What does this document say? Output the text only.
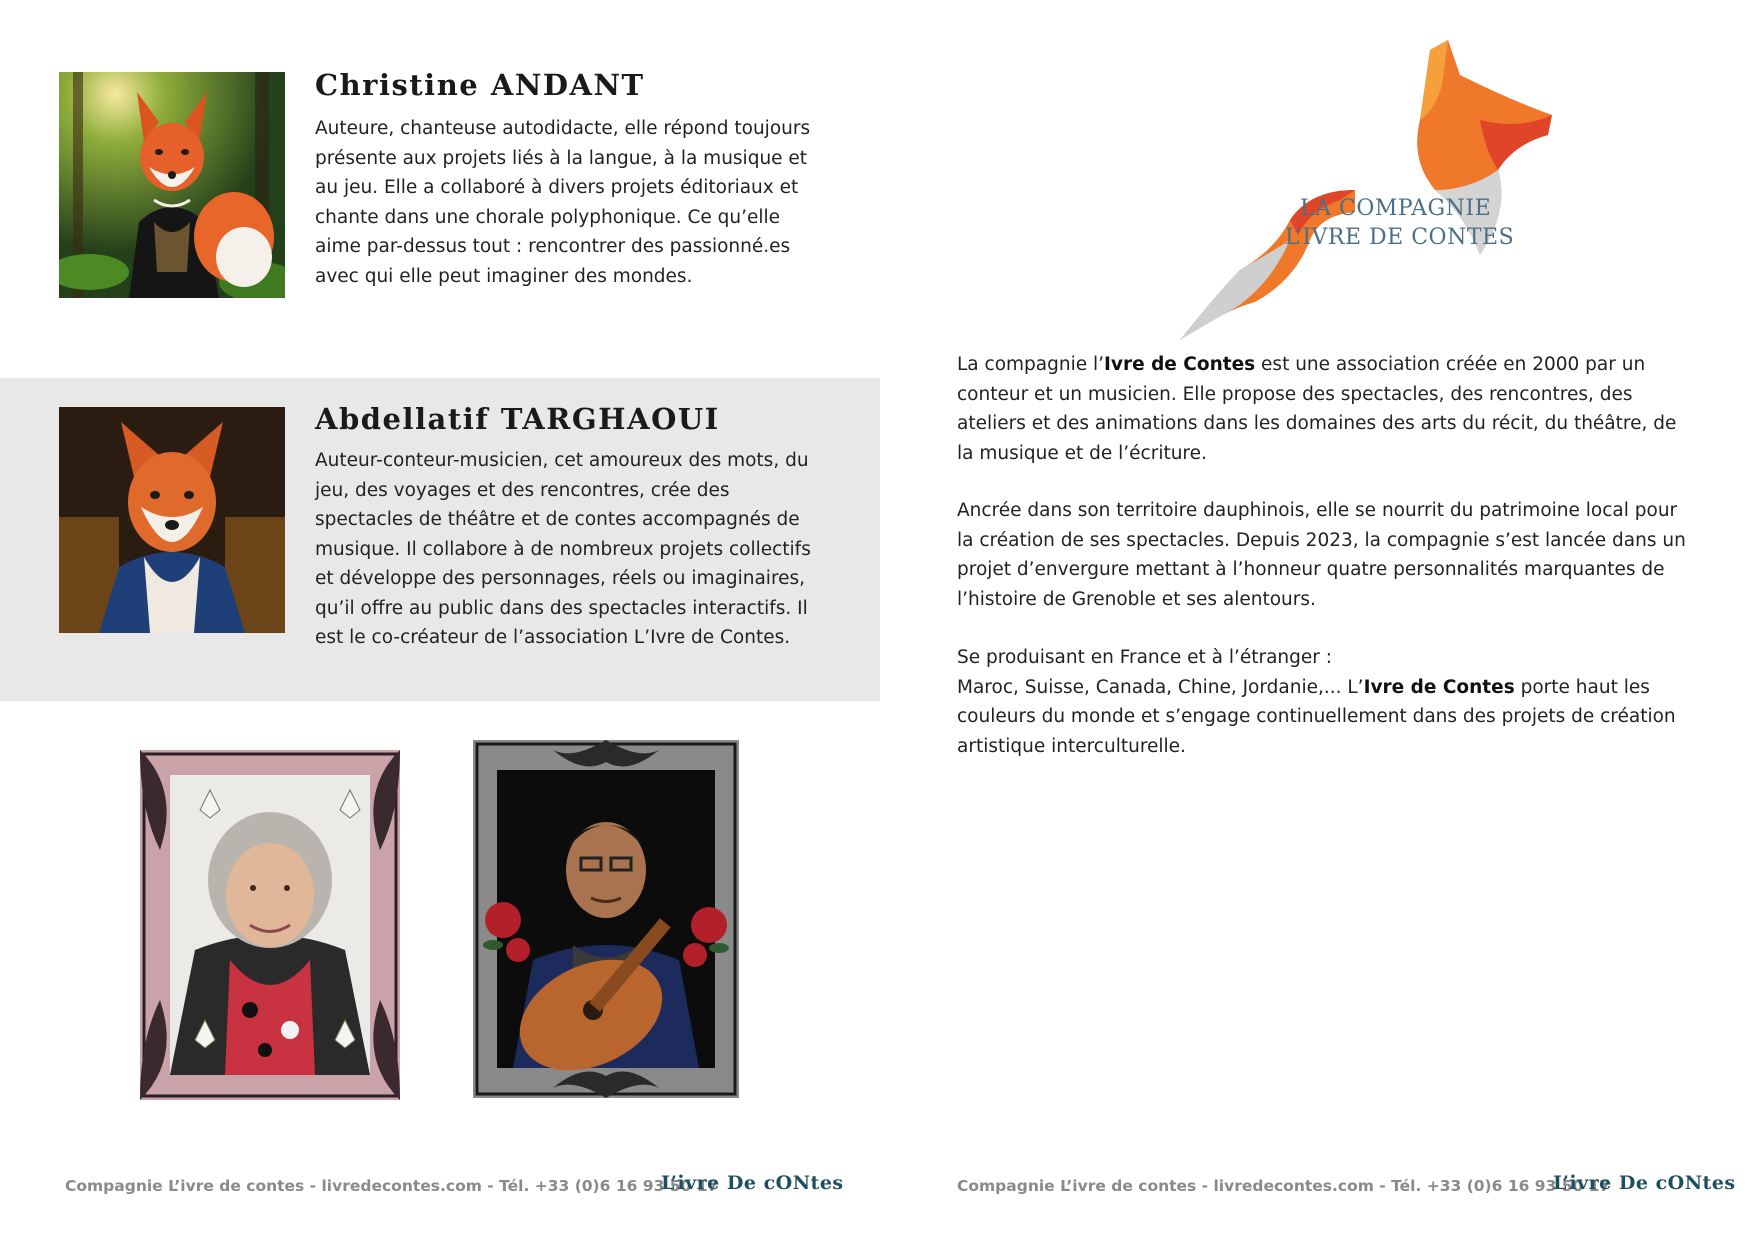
Christine ANDANT
Auteure, chanteuse autodidacte, elle répond toujours présente aux projets liés à la langue, à la musique et au jeu. Elle a collaboré à divers projets éditoriaux et chante dans une chorale polyphonique. Ce qu’elle aime par-dessus tout : rencontrer des passionné.es avec qui elle peut imaginer des mondes.
Abdellatif TARGHAOUI
Auteur-conteur-musicien, cet amoureux des mots, du jeu, des voyages et des rencontres, crée des spectacles de théâtre et de contes accompagnés de musique. Il collabore à de nombreux projets collectifs et développe des personnages, réels ou imaginaires, qu’il offre au public dans des spectacles interactifs. Il est le co-créateur de l’association L’Ivre de Contes.
LA COMPAGNIE
L’IVRE DE CONTES
La compagnie l’Ivre de Contes est une association créée en 2000 par un conteur et un musicien. Elle propose des spectacles, des rencontres, des ateliers et des animations dans les domaines des arts du récit, du théâtre, de la musique et de l’écriture.
Ancrée dans son territoire dauphinois, elle se nourrit du patrimoine local pour la création de ses spectacles. Depuis 2023, la compagnie s’est lancée dans un projet d’envergure mettant à l’honneur quatre personnalités marquantes de l’histoire de Grenoble et ses alentours.
Se produisant en France et à l’étranger :
Maroc, Suisse, Canada, Chine, Jordanie,... L’Ivre de Contes porte haut les couleurs du monde et s’engage continuellement dans des projets de création artistique interculturelle.
Compagnie L’ivre de contes - livredecontes.com - Tél. +33 (0)6 16 93 50 17
L’ivre De cONtes	Compagnie L’ivre de contes - livredecontes.com - Tél. +33 (0)6 16 93 50 17
L’ivre De cONtes
